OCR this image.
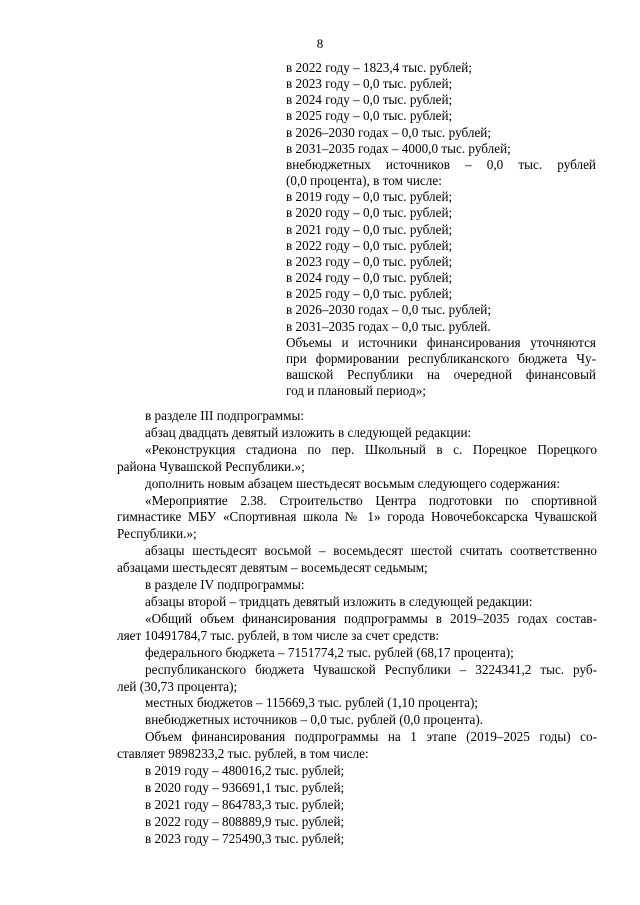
8
в 2022 году – 1823,4 тыс. рублей;
в 2023 году – 0,0 тыс. рублей;
в 2024 году – 0,0 тыс. рублей;
в 2025 году – 0,0 тыс. рублей;
в 2026–2030 годах – 0,0 тыс. рублей;
в 2031–2035 годах – 4000,0 тыс. рублей;
внебюджетных источников – 0,0 тыс. рублей
(0,0 процента), в том числе:
в 2019 году – 0,0 тыс. рублей;
в 2020 году – 0,0 тыс. рублей;
в 2021 году – 0,0 тыс. рублей;
в 2022 году – 0,0 тыс. рублей;
в 2023 году – 0,0 тыс. рублей;
в 2024 году – 0,0 тыс. рублей;
в 2025 году – 0,0 тыс. рублей;
в 2026–2030 годах – 0,0 тыс. рублей;
в 2031–2035 годах – 0,0 тыс. рублей.
Объемы и источники финансирования уточняются
при формировании республиканского бюджета Чу-
вашской Республики на очередной финансовый
год и плановый период»;
в разделе III подпрограммы:
абзац двадцать девятый изложить в следующей редакции:
«Реконструкция стадиона по пер. Школьный в с. Порецкое Порецкого
района Чувашской Республики.»;
дополнить новым абзацем шестьдесят восьмым следующего содержания:
«Мероприятие 2.38. Строительство Центра подготовки по спортивной
гимнастике МБУ «Спортивная школа № 1» города Новочебоксарска Чувашской
Республики.»;
абзацы шестьдесят восьмой – восемьдесят шестой считать соответственно
абзацами шестьдесят девятым – восемьдесят седьмым;
в разделе IV подпрограммы:
абзацы второй – тридцать девятый изложить в следующей редакции:
«Общий объем финансирования подпрограммы в 2019–2035 годах состав-
ляет 10491784,7 тыс. рублей, в том числе за счет средств:
федерального бюджета – 7151774,2 тыс. рублей (68,17 процента);
республиканского бюджета Чувашской Республики – 3224341,2 тыс. руб-
лей (30,73 процента);
местных бюджетов – 115669,3 тыс. рублей (1,10 процента);
внебюджетных источников – 0,0 тыс. рублей (0,0 процента).
Объем финансирования подпрограммы на 1 этапе (2019–2025 годы) со-
ставляет 9898233,2 тыс. рублей, в том числе:
в 2019 году – 480016,2 тыс. рублей;
в 2020 году – 936691,1 тыс. рублей;
в 2021 году – 864783,3 тыс. рублей;
в 2022 году – 808889,9 тыс. рублей;
в 2023 году – 725490,3 тыс. рублей;
